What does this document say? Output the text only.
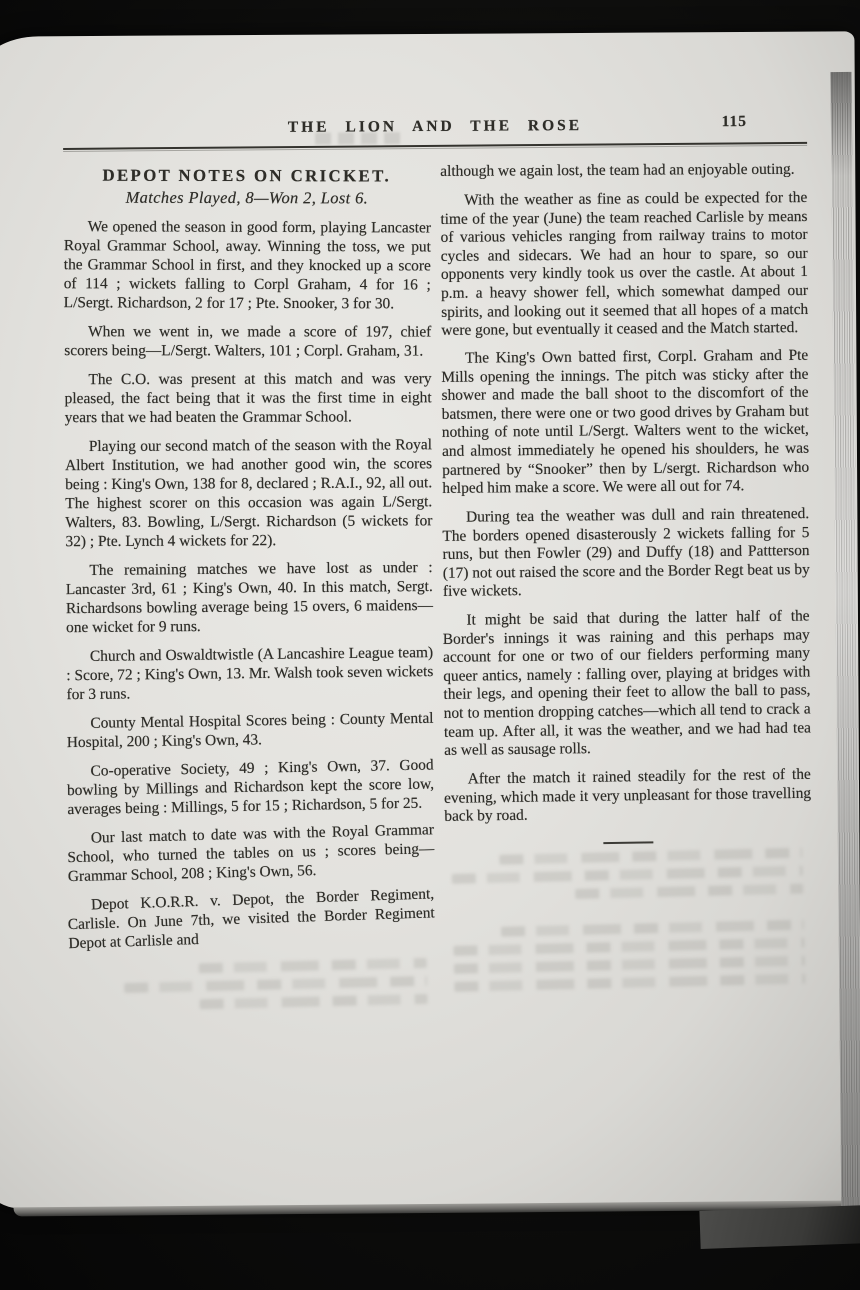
THE LION AND THE ROSE	115
DEPOT NOTES ON CRICKET.
Matches Played, 8—Won 2, Lost 6.

We opened the season in good form, playing Lancaster Royal Grammar School, away. Winning the toss, we put the Grammar School in first, and they knocked up a score of 114 ; wickets falling to Corpl Graham, 4 for 16 ; L/Sergt. Richardson, 2 for 17 ; Pte. Snooker, 3 for 30.

When we went in, we made a score of 197, chief scorers being—L/Sergt. Walters, 101 ; Corpl. Graham, 31.

The C.O. was present at this match and was very pleased, the fact being that it was the first time in eight years that we had beaten the Grammar School.

Playing our second match of the season with the Royal Albert Institution, we had another good win, the scores being : King's Own, 138 for 8, declared ; R.A.I., 92, all out. The highest scorer on this occasion was again L/Sergt. Walters, 83. Bowling, L/Sergt. Richardson (5 wickets for 32) ; Pte. Lynch 4 wickets for 22).

The remaining matches we have lost as under : Lancaster 3rd, 61 ; King's Own, 40. In this match, Sergt. Richardsons bowling average being 15 overs, 6 maidens—one wicket for 9 runs.

Church and Oswaldtwistle (A Lancashire League team) : Score, 72 ; King's Own, 13. Mr. Walsh took seven wickets for 3 runs.

County Mental Hospital Scores being : County Mental Hospital, 200 ; King's Own, 43.

Co-operative Society, 49 ; King's Own, 37. Good bowling by Millings and Richardson kept the score low, averages being : Millings, 5 for 15 ; Richardson, 5 for 25.

Our last match to date was with the Royal Grammar School, who turned the tables on us ; scores being—Grammar School, 208 ; King's Own, 56.

Depot K.O.R.R. v. Depot, the Border Regiment, Carlisle. On June 7th, we visited the Border Regiment Depot at Carlisle and

although we again lost, the team had an enjoyable outing.

With the weather as fine as could be expected for the time of the year (June) the team reached Carlisle by means of various vehicles ranging from railway trains to motor cycles and sidecars. We had an hour to spare, so our opponents very kindly took us over the castle. At about 1 p.m. a heavy shower fell, which somewhat damped our spirits, and looking out it seemed that all hopes of a match were gone, but eventually it ceased and the Match started.

The King's Own batted first, Corpl. Graham and Pte Mills opening the innings. The pitch was sticky after the shower and made the ball shoot to the discomfort of the batsmen, there were one or two good drives by Graham but nothing of note until L/Sergt. Walters went to the wicket, and almost immediately he opened his shoulders, he was partnered by “Snooker” then by L/sergt. Richardson who helped him make a score. We were all out for 74.

During tea the weather was dull and rain threatened. The borders opened disasterously 2 wickets falling for 5 runs, but then Fowler (29) and Duffy (18) and Pattterson (17) not out raised the score and the Border Regt beat us by five wickets.

It might be said that during the latter half of the Border's innings it was raining and this perhaps may account for one or two of our fielders performing many queer antics, namely : falling over, playing at bridges with their legs, and opening their feet to allow the ball to pass, not to mention dropping catches—which all tend to crack a team up. After all, it was the weather, and we had had tea as well as sausage rolls.

After the match it rained steadily for the rest of the evening, which made it very unpleasant for those travelling back by road.
